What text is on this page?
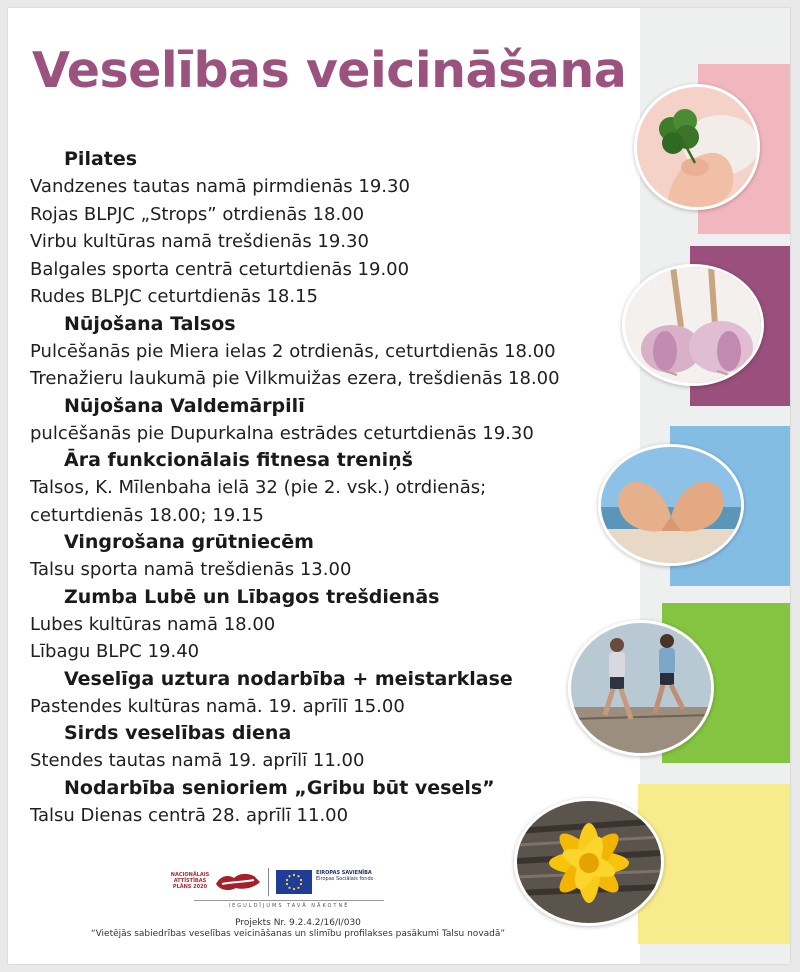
Veselības veicināšana
Pilates
Vandzenes tautas namā pirmdienās 19.30
Rojas BLPJC „Strops” otrdienās 18.00
Virbu kultūras namā trešdienās 19.30
Balgales sporta centrā ceturtdienās 19.00
Rudes BLPJC ceturtdienās 18.15
Nūjošana Talsos
Pulcēšanās pie Miera ielas 2 otrdienās, ceturtdienās 18.00
Trenažieru laukumā pie Vilkmuižas ezera, trešdienās 18.00
Nūjošana Valdemārpilī
pulcēšanās pie Dupurkalna estrādes ceturtdienās 19.30
Āra funkcionālais fitnesa treniņš
Talsos, K. Mīlenbaha ielā 32 (pie 2. vsk.) otrdienās;
ceturtdienās 18.00; 19.15
Vingrošana grūtniecēm
Talsu sporta namā trešdienās 13.00
Zumba Lubē un Lībagos trešdienās
Lubes kultūras namā 18.00
Lībagu BLPC 19.40
Veselīga uztura nodarbība + meistarklase
Pastendes kultūras namā. 19. aprīlī 15.00
Sirds veselības diena
Stendes tautas namā 19. aprīlī 11.00
Nodarbība senioriem „Gribu būt vesels”
Talsu Dienas centrā 28. aprīlī 11.00
NACIONĀLAIS ATTĪSTĪBAS PLĀNS 2020
EIROPAS SAVIENĪBA
Eiropas Sociālais fonds
IEGULDĪJUMS TAVĀ NĀKOTNĒ
Projekts Nr. 9.2.4.2/16/I/030
“Vietējās sabiedrības veselības veicināšanas un slimību profilakses pasākumi Talsu novadā”
